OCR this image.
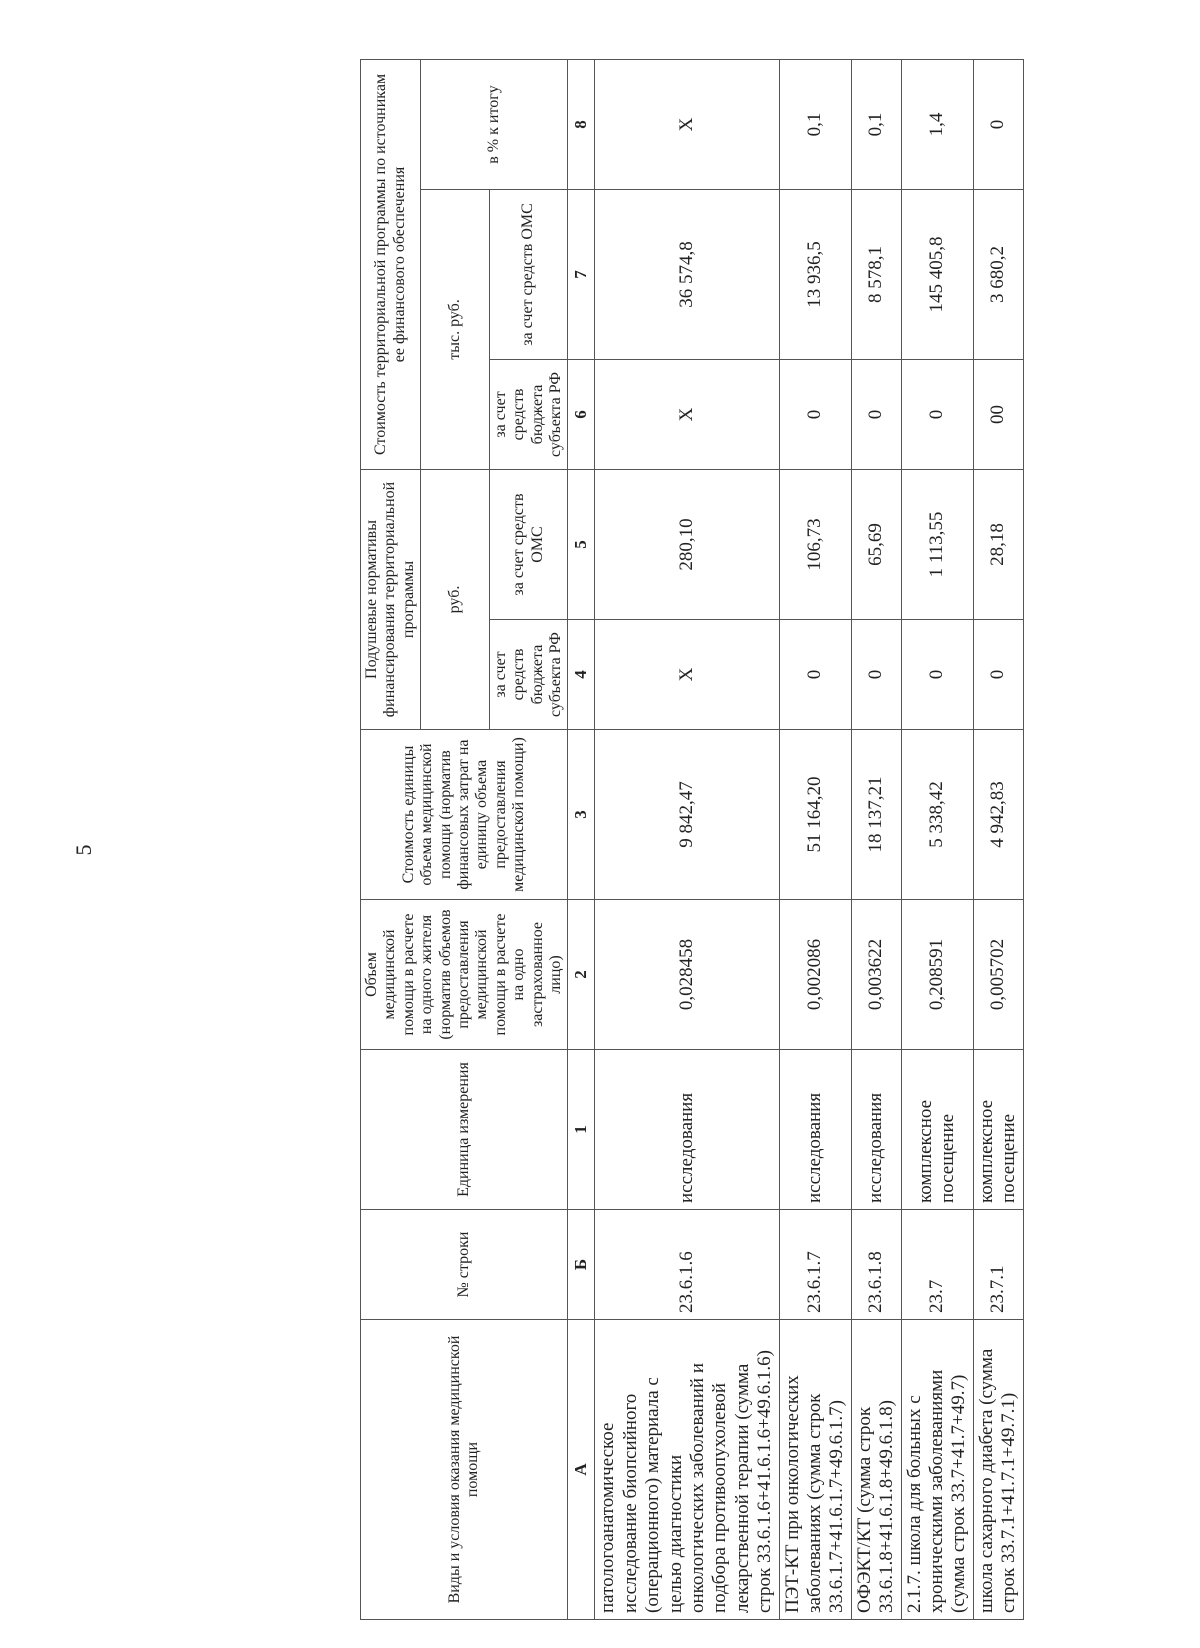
5
Виды и условия оказания медицинской помощи	№ строки	Единица измерения	Объем медицинской помощи в расчете на одного жителя (норматив объемов предоставления медицинской помощи в расчете на одно застрахованное лицо)	Стоимость единицы объема медицинской помощи (норматив финансовых затрат на единицу объема предоставления медицинской помощи)	Подушевые нормативы финансирования территориальной программы		Стоимость территориальной программы по источникам ее финансового обеспечения		
					руб.		тыс. руб.		в % к итогу
					за счет средств бюджета субъекта РФ	за счет средств ОМС	за счет средств бюджета субъекта РФ	за счет средств ОМС	
А	Б	1	2	3	4	5	6	7	8
патологоанатомическое исследование биопсийного (операционного) материала с целью диагностики онкологических заболеваний и подбора противоопухолевой лекарственной терапии (сумма строк 33.6.1.6+41.6.1.6+49.6.1.6)	23.6.1.6	исследования	0,028458	9 842,47	Х	280,10	Х	36 574,8	Х
ПЭТ-КТ при онкологических заболеваниях (сумма строк 33.6.1.7+41.6.1.7+49.6.1.7)	23.6.1.7	исследования	0,002086	51 164,20	0	106,73	0	13 936,5	0,1
ОФЭКТ/КТ (сумма строк 33.6.1.8+41.6.1.8+49.6.1.8)	23.6.1.8	исследования	0,003622	18 137,21	0	65,69	0	8 578,1	0,1
2.1.7. школа для больных с хроническими заболеваниями (сумма строк 33.7+41.7+49.7)	23.7	комплексное посещение	0,208591	5 338,42	0	1 113,55	0	145 405,8	1,4
школа сахарного диабета (сумма строк 33.7.1+41.7.1+49.7.1)	23.7.1	комплексное посещение	0,005702	4 942,83	0	28,18	00	3 680,2	0
